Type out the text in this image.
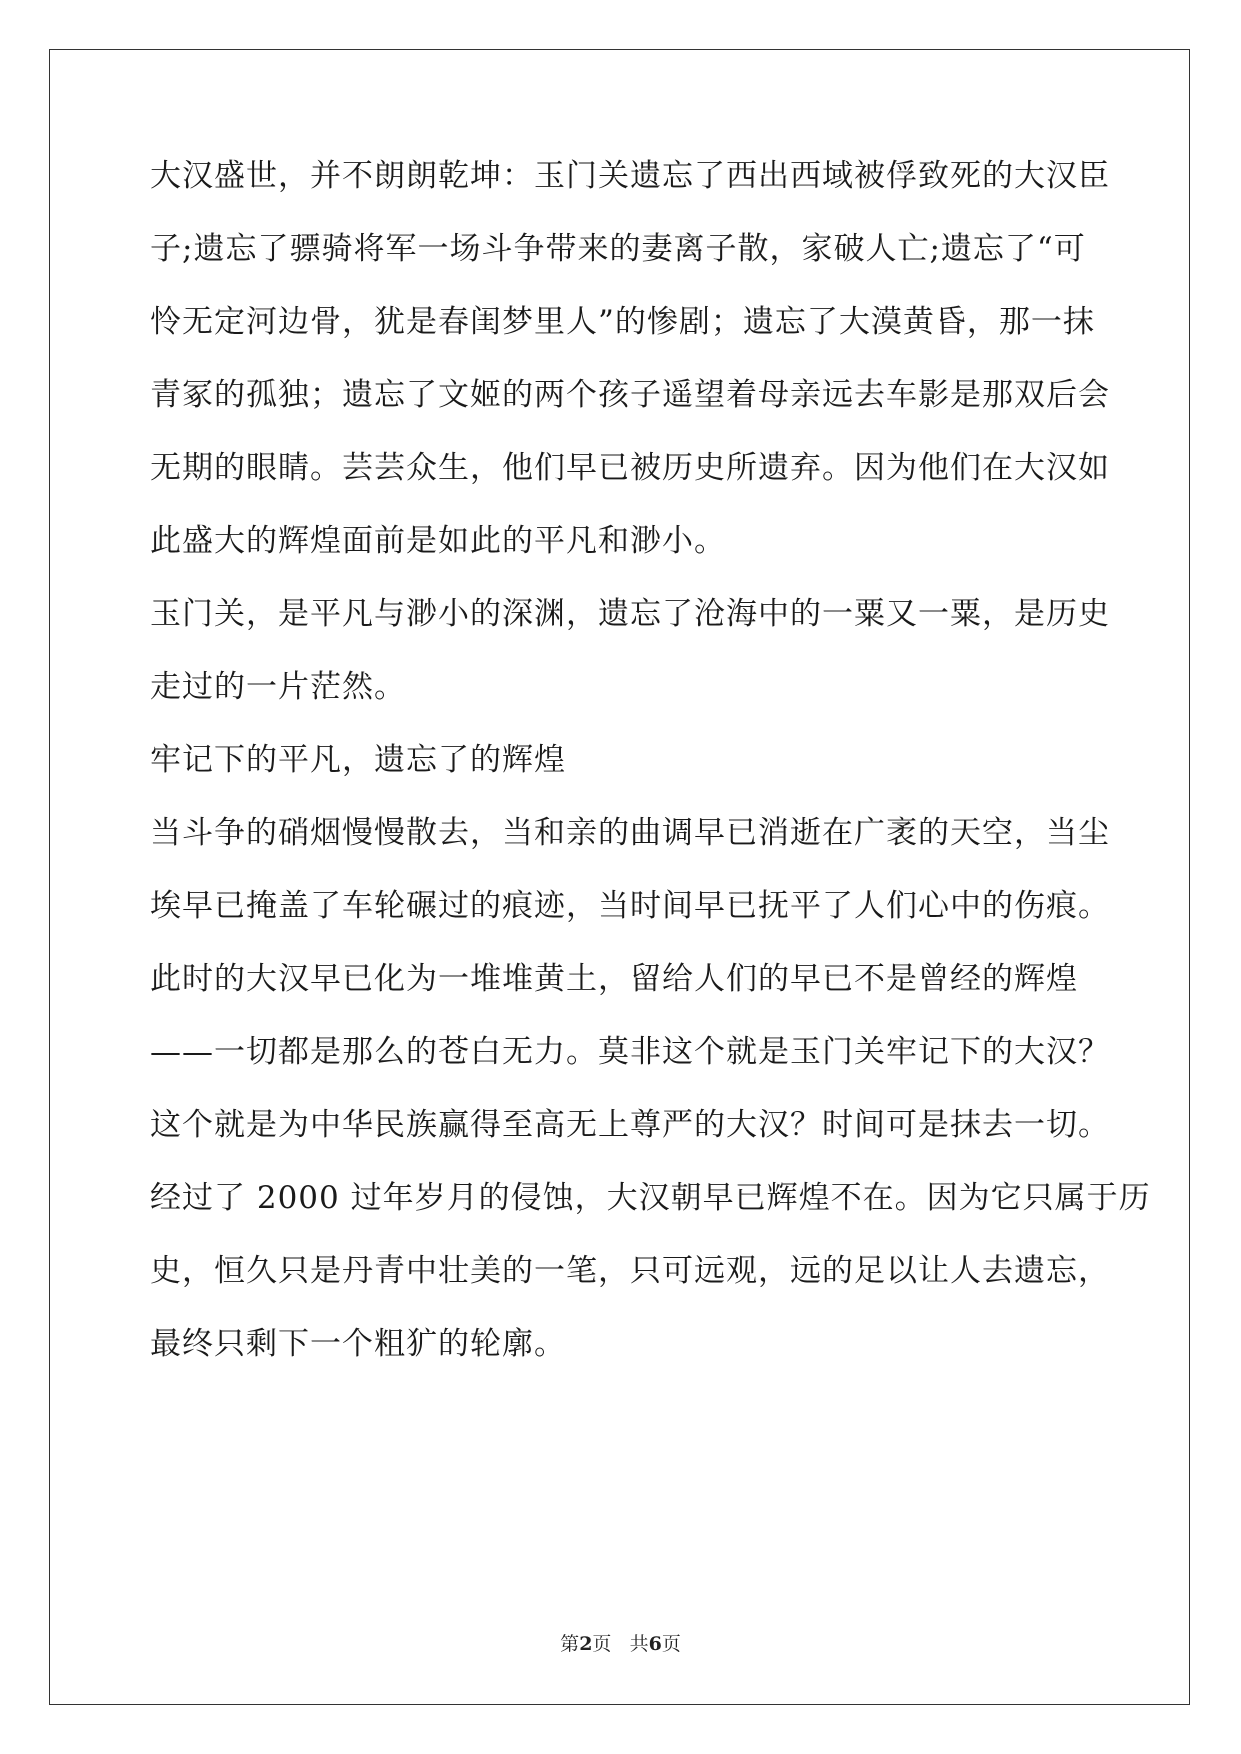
大汉盛世，并不朗朗乾坤：玉门关遗忘了西出西域被俘致死的大汉臣
子;遗忘了骠骑将军一场斗争带来的妻离子散，家破人亡;遗忘了“可
怜无定河边骨，犹是春闺梦里人”的惨剧；遗忘了大漠黄昏，那一抹
青冢的孤独；遗忘了文姬的两个孩子遥望着母亲远去车影是那双后会
无期的眼睛。芸芸众生，他们早已被历史所遗弃。因为他们在大汉如
此盛大的辉煌面前是如此的平凡和渺小。
玉门关，是平凡与渺小的深渊，遗忘了沧海中的一粟又一粟，是历史
走过的一片茫然。
牢记下的平凡，遗忘了的辉煌
当斗争的硝烟慢慢散去，当和亲的曲调早已消逝在广袤的天空，当尘
埃早已掩盖了车轮碾过的痕迹，当时间早已抚平了人们心中的伤痕。
此时的大汉早已化为一堆堆黄土，留给人们的早已不是曾经的辉煌
——一切都是那么的苍白无力。莫非这个就是玉门关牢记下的大汉？
这个就是为中华民族赢得至高无上尊严的大汉？时间可是抹去一切。
经过了 2000 过年岁月的侵蚀，大汉朝早已辉煌不在。因为它只属于历
史，恒久只是丹青中壮美的一笔，只可远观，远的足以让人去遗忘，
最终只剩下一个粗犷的轮廓。
第2页 共6页
